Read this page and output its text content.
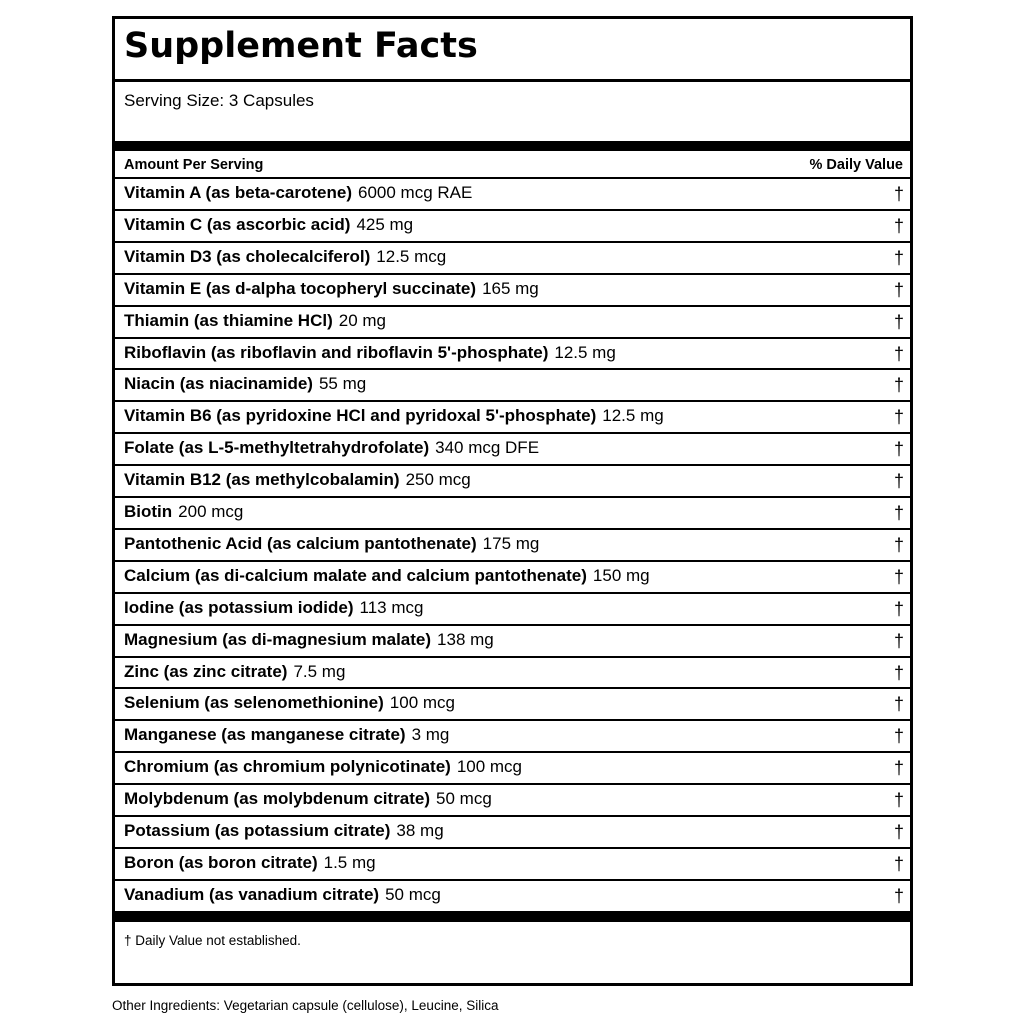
Supplement Facts
Serving Size: 3 Capsules
Amount Per Serving	% Daily Value
Vitamin A (as beta-carotene) 6000 mcg RAE	†
Vitamin C (as ascorbic acid) 425 mg	†
Vitamin D3 (as cholecalciferol) 12.5 mcg	†
Vitamin E (as d-alpha tocopheryl succinate) 165 mg	†
Thiamin (as thiamine HCl) 20 mg	†
Riboflavin (as riboflavin and riboflavin 5'-phosphate) 12.5 mg	†
Niacin (as niacinamide) 55 mg	†
Vitamin B6 (as pyridoxine HCl and pyridoxal 5'-phosphate) 12.5 mg	†
Folate (as L-5-methyltetrahydrofolate) 340 mcg DFE	†
Vitamin B12 (as methylcobalamin) 250 mcg	†
Biotin 200 mcg	†
Pantothenic Acid (as calcium pantothenate) 175 mg	†
Calcium (as di-calcium malate and calcium pantothenate) 150 mg	†
Iodine (as potassium iodide) 113 mcg	†
Magnesium (as di-magnesium malate) 138 mg	†
Zinc (as zinc citrate) 7.5 mg	†
Selenium (as selenomethionine) 100 mcg	†
Manganese (as manganese citrate) 3 mg	†
Chromium (as chromium polynicotinate) 100 mcg	†
Molybdenum (as molybdenum citrate) 50 mcg	†
Potassium (as potassium citrate) 38 mg	†
Boron (as boron citrate) 1.5 mg	†
Vanadium (as vanadium citrate) 50 mcg	†
† Daily Value not established.
Other Ingredients: Vegetarian capsule (cellulose), Leucine, Silica
